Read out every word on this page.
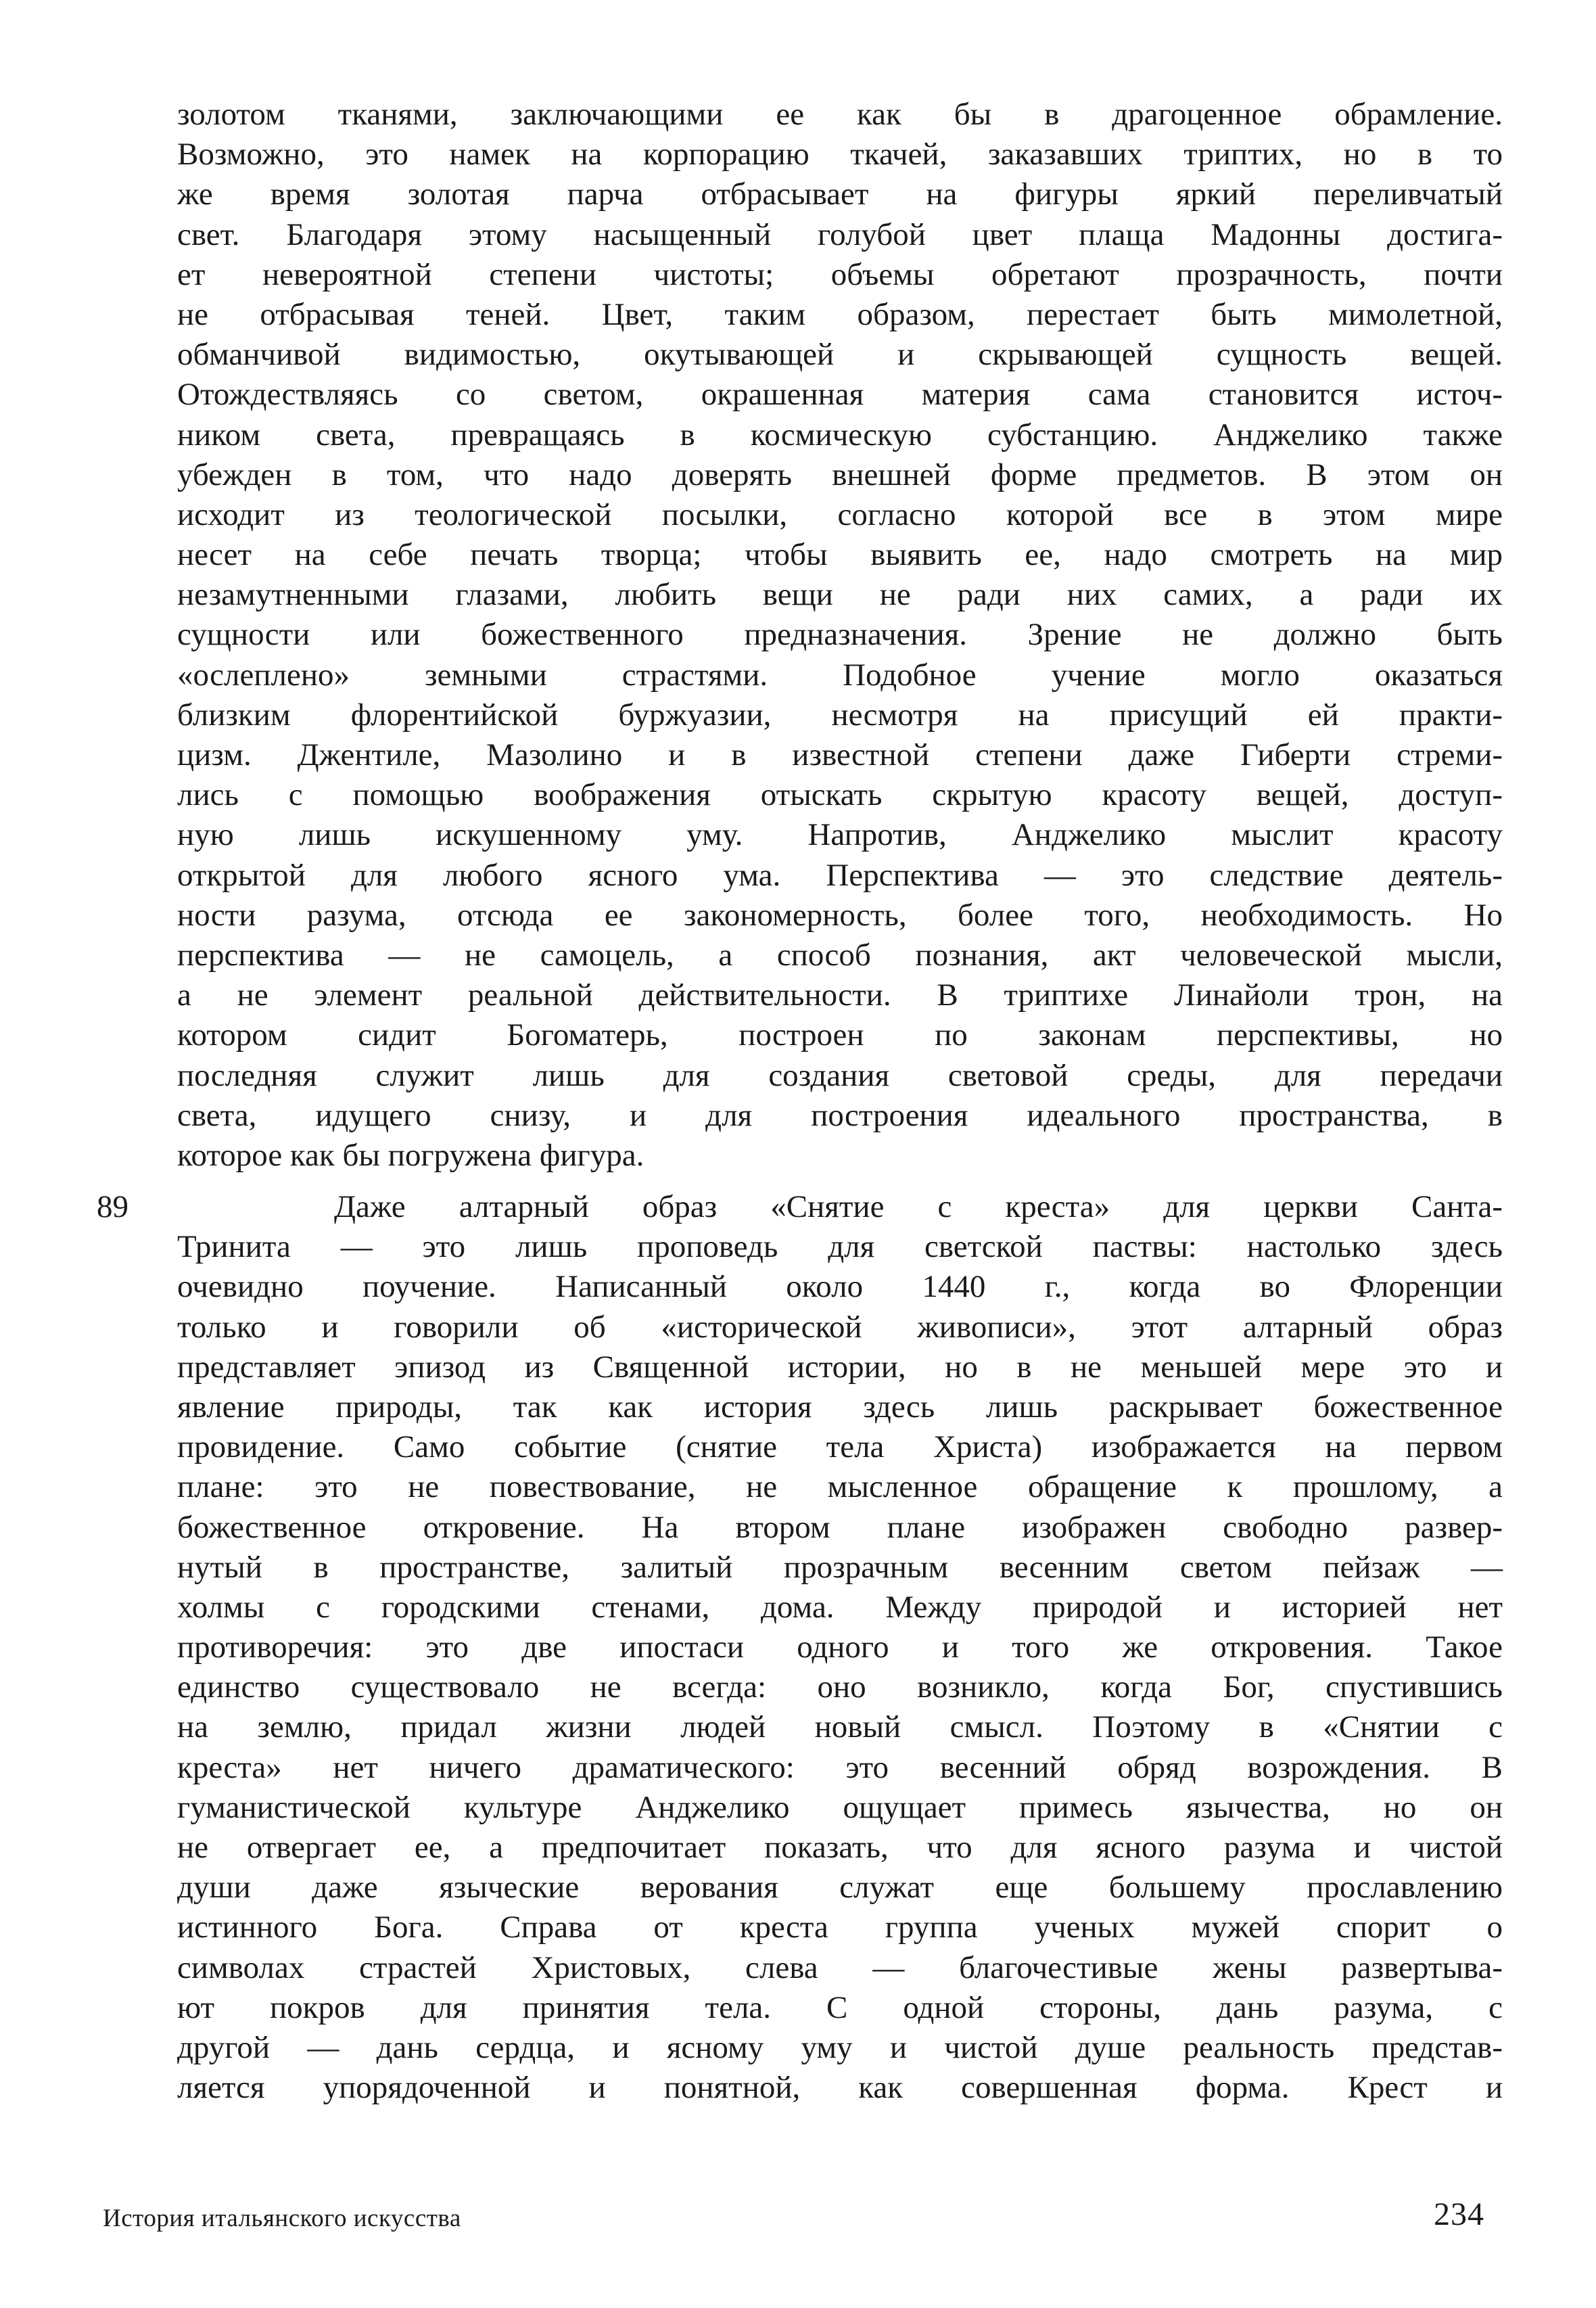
золотом тканями, заключающими ее как бы в драгоценное обрамление.
Возможно, это намек на корпорацию ткачей, заказавших триптих, но в то
же время золотая парча отбрасывает на фигуры яркий переливчатый
свет. Благодаря этому насыщенный голубой цвет плаща Мадонны достига-
ет невероятной степени чистоты; объемы обретают прозрачность, почти
не отбрасывая теней. Цвет, таким образом, перестает быть мимолетной,
обманчивой видимостью, окутывающей и скрывающей сущность вещей.
Отождествляясь со светом, окрашенная материя сама становится источ-
ником света, превращаясь в космическую субстанцию. Анджелико также
убежден в том, что надо доверять внешней форме предметов. В этом он
исходит из теологической посылки, согласно которой все в этом мире
несет на себе печать творца; чтобы выявить ее, надо смотреть на мир
незамутненными глазами, любить вещи не ради них самих, а ради их
сущности или божественного предназначения. Зрение не должно быть
«ослеплено» земными страстями. Подобное учение могло оказаться
близким флорентийской буржуазии, несмотря на присущий ей практи-
цизм. Джентиле, Мазолино и в известной степени даже Гиберти стреми-
лись с помощью воображения отыскать скрытую красоту вещей, доступ-
ную лишь искушенному уму. Напротив, Анджелико мыслит красоту
открытой для любого ясного ума. Перспектива — это следствие деятель-
ности разума, отсюда ее закономерность, более того, необходимость. Но
перспектива — не самоцель, а способ познания, акт человеческой мысли,
а не элемент реальной действительности. В триптихе Линайоли трон, на
котором сидит Богоматерь, построен по законам перспективы, но
последняя служит лишь для создания световой среды, для передачи
света, идущего снизу, и для построения идеального пространства, в
которое как бы погружена фигура.
89	Даже алтарный образ «Снятие с креста» для церкви Санта-
Тринита — это лишь проповедь для светской паствы: настолько здесь
очевидно поучение. Написанный около 1440 г., когда во Флоренции
только и говорили об «исторической живописи», этот алтарный образ
представляет эпизод из Священной истории, но в не меньшей мере это и
явление природы, так как история здесь лишь раскрывает божественное
провидение. Само событие (снятие тела Христа) изображается на первом
плане: это не повествование, не мысленное обращение к прошлому, а
божественное откровение. На втором плане изображен свободно развер-
нутый в пространстве, залитый прозрачным весенним светом пейзаж —
холмы с городскими стенами, дома. Между природой и историей нет
противоречия: это две ипостаси одного и того же откровения. Такое
единство существовало не всегда: оно возникло, когда Бог, спустившись
на землю, придал жизни людей новый смысл. Поэтому в «Снятии с
креста» нет ничего драматического: это весенний обряд возрождения. В
гуманистической культуре Анджелико ощущает примесь язычества, но он
не отвергает ее, а предпочитает показать, что для ясного разума и чистой
души даже языческие верования служат еще большему прославлению
истинного Бога. Справа от креста группа ученых мужей спорит о
символах страстей Христовых, слева — благочестивые жены развертыва-
ют покров для принятия тела. С одной стороны, дань разума, с
другой — дань сердца, и ясному уму и чистой душе реальность представ-
ляется упорядоченной и понятной, как совершенная форма. Крест и
История итальянского искусства	234
